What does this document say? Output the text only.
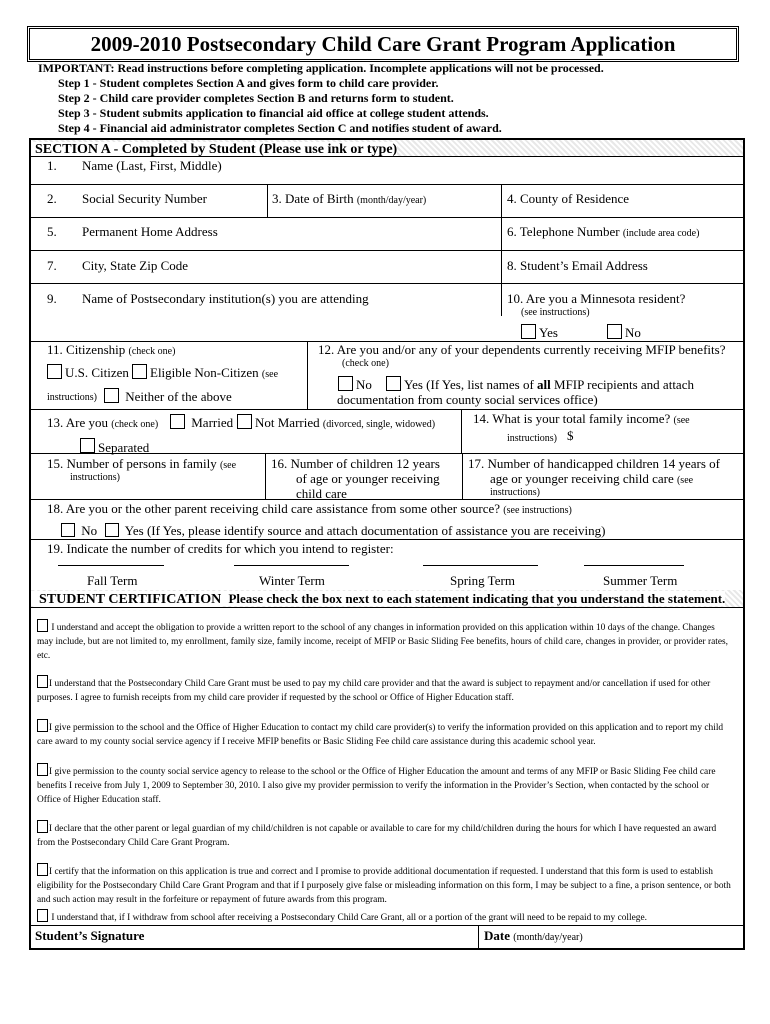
2009-2010 Postsecondary Child Care Grant Program Application
IMPORTANT: Read instructions before completing application. Incomplete applications will not be processed.
Step 1 - Student completes Section A and gives form to child care provider.
Step 2 - Child care provider completes Section B and returns form to student.
Step 3 - Student submits application to financial aid office at college student attends.
Step 4 - Financial aid administrator completes Section C and notifies student of award.
SECTION A - Completed by Student (Please use ink or type)
1. Name (Last, First, Middle)
2. Social Security Number	3. Date of Birth (month/day/year)	4. County of Residence
5. Permanent Home Address	6. Telephone Number (include area code)
7. City, State Zip Code	8. Student’s Email Address
9. Name of Postsecondary institution(s) you are attending	10. Are you a Minnesota resident?
(see instructions)
Yes	No
11. Citizenship (check one)
U.S. Citizen	Eligible Non-Citizen (see
instructions)	Neither of the above
12. Are you and/or any of your dependents currently receiving MFIP benefits?
(check one)
No	Yes (If Yes, list names of all MFIP recipients and attach
documentation from county social services office)
13. Are you (check one)	Married	Not Married (divorced, single, widowed)

Separated
14. What is your total family income? (see
instructions) $
15. Number of persons in family (see
instructions)
16. Number of children 12 years
of age or younger receiving
child care
17. Number of handicapped children 14 years of
age or younger receiving child care (see
instructions)
18. Are you or the other parent receiving child care assistance from some other source? (see instructions)
No	Yes (If Yes, please identify source and attach documentation of assistance you are receiving)
19. Indicate the number of credits for which you intend to register:
Fall Term	Winter Term	Spring Term	Summer Term
STUDENT CERTIFICATION Please check the box next to each statement indicating that you understand the statement.
I understand and accept the obligation to provide a written report to the school of any changes in information provided on this application within 10 days of the change. Changes may include, but are not limited to, my enrollment, family size, family income, receipt of MFIP or Basic Sliding Fee benefits, hours of child care, changes in provider, or provider rates, etc.
I understand that the Postsecondary Child Care Grant must be used to pay my child care provider and that the award is subject to repayment and/or cancellation if used for other purposes. I agree to furnish receipts from my child care provider if requested by the school or Office of Higher Education staff.
I give permission to the school and the Office of Higher Education to contact my child care provider(s) to verify the information provided on this application and to report my child care award to my county social service agency if I receive MFIP benefits or Basic Sliding Fee child care assistance during this academic school year.
I give permission to the county social service agency to release to the school or the Office of Higher Education the amount and terms of any MFIP or Basic Sliding Fee child care benefits I receive from July 1, 2009 to September 30, 2010. I also give my provider permission to verify the information in the Provider’s Section, when contacted by the school or Office of Higher Education staff.
I declare that the other parent or legal guardian of my child/children is not capable or available to care for my child/children during the hours for which I have requested an award from the Postsecondary Child Care Grant Program.
I certify that the information on this application is true and correct and I promise to provide additional documentation if requested. I understand that this form is used to establish eligibility for the Postsecondary Child Care Grant Program and that if I purposely give false or misleading information on this form, I may be subject to a fine, a prison sentence, or both and such action may result in the forfeiture or repayment of future awards from this program.
I understand that, if I withdraw from school after receiving a Postsecondary Child Care Grant, all or a portion of the grant will need to be repaid to my college.
Student’s Signature	Date (month/day/year)
